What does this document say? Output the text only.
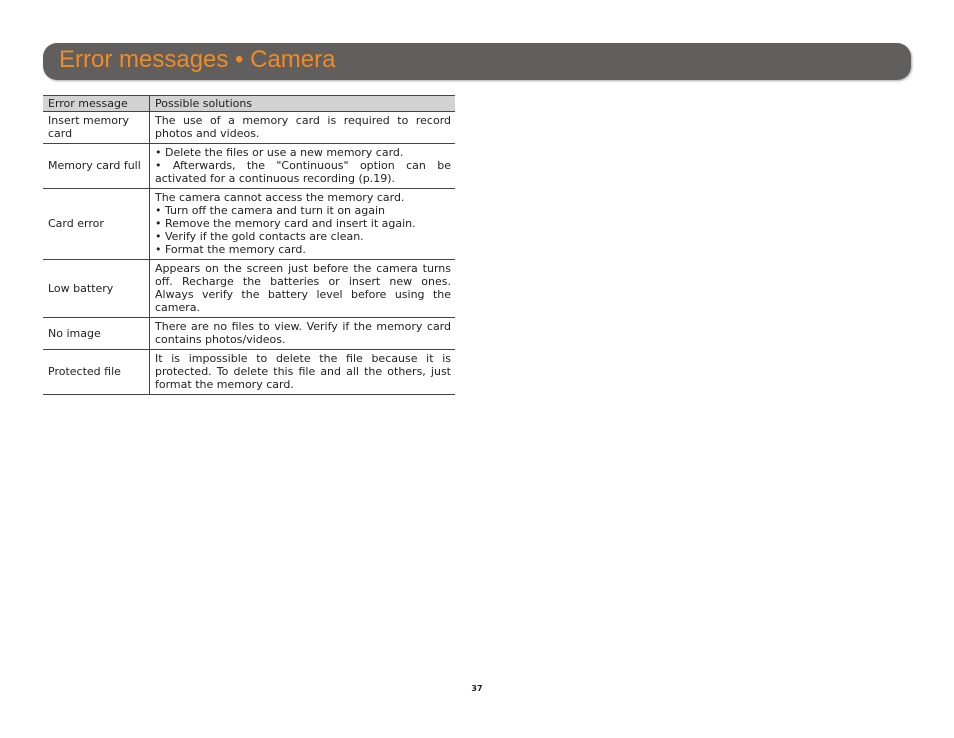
Error messages • Camera
Error message	Possible solutions
Insert memory card	The use of a memory card is required to record photos and videos.

Memory card full	• Delete the files or use a new memory card.
• Afterwards, the "Continuous" option can be activated for a continuous recording (p.19).

Card error	The camera cannot access the memory card.
• Turn off the camera and turn it on again
• Remove the memory card and insert it again.
• Verify if the gold contacts are clean.
• Format the memory card.

Low battery	Appears on the screen just before the camera turns off. Recharge the batteries or insert new ones. Always verify the battery level before using the camera.

No image	There are no files to view. Verify if the memory card contains photos/videos.

Protected file	It is impossible to delete the file because it is protected. To delete this file and all the others, just format the memory card.
37
